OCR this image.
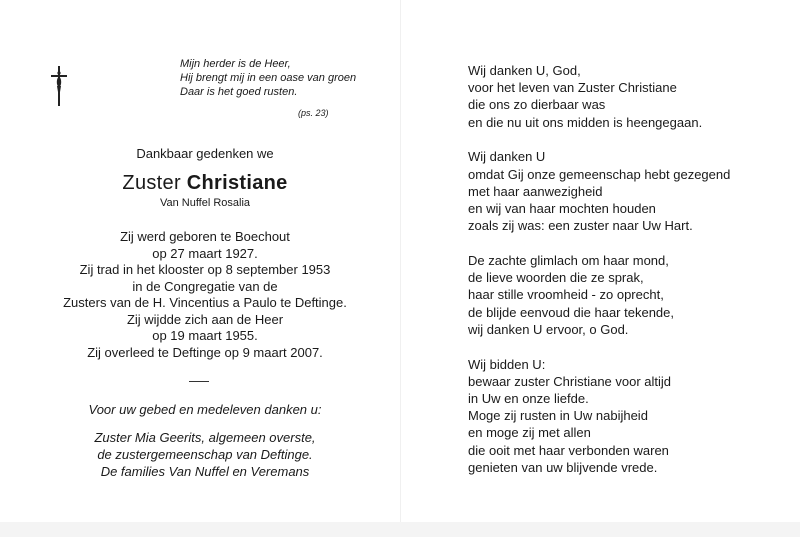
Mijn herder is de Heer,
Hij brengt mij in een oase van groen
Daar is het goed rusten.
(ps. 23)
Dankbaar gedenken we
Zuster Christiane
Van Nuffel Rosalia
Zij werd geboren te Boechout
op 27 maart 1927.
Zij trad in het klooster op 8 september 1953
in de Congregatie van de
Zusters van de H. Vincentius a Paulo te Deftinge.
Zij wijdde zich aan de Heer
op 19 maart 1955.
Zij overleed te Deftinge op 9 maart 2007.
Voor uw gebed en medeleven danken u:
Zuster Mia Geerits, algemeen overste,
de zustergemeenschap van Deftinge.
De families Van Nuffel en Veremans
Wij danken U, God,
voor het leven van Zuster Christiane
die ons zo dierbaar was
en die nu uit ons midden is heengegaan.
Wij danken U
omdat Gij onze gemeenschap hebt gezegend
met haar aanwezigheid
en wij van haar mochten houden
zoals zij was: een zuster naar Uw Hart.
De zachte glimlach om haar mond,
de lieve woorden die ze sprak,
haar stille vroomheid - zo oprecht,
de blijde eenvoud die haar tekende,
wij danken U ervoor, o God.
Wij bidden U:
bewaar zuster Christiane voor altijd
in Uw en onze liefde.
Moge zij rusten in Uw nabijheid
en moge zij met allen
die ooit met haar verbonden waren
genieten van uw blijvende vrede.
